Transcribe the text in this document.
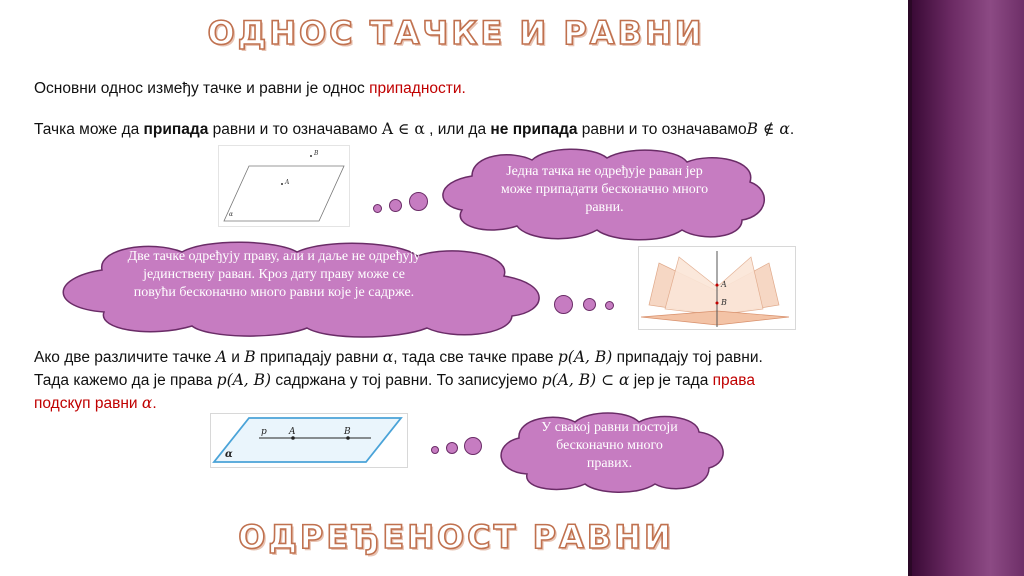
ОДНОС ТАЧКЕ И РАВНИ
Основни однос између тачке и равни је однос припадности.
Тачка може да припада равни и то означавамо A ∈ α , или да не припада равни и то означавамоB ∉ α.
A
B
α
Једна тачка не одређује раван јер може припадати бесконачно много равни.
Две тачке одређују праву, али и даље не одређују јединствену раван. Кроз дату праву може се повући бесконачно много равни које је садрже.
A
B
Ако две различите тачке A и B припадају равни α, тада све тачке праве p(A, B) припадају тој равни.
Тада кажемо да је права p(A, B) садржана у тој равни. То записујемо p(A, B) ⊂ α јер је тада права
подскуп равни α.
p A	B
α
У свакој равни постоји бесконачно много правих.
ОДРЕЂЕНОСТ РАВНИ
